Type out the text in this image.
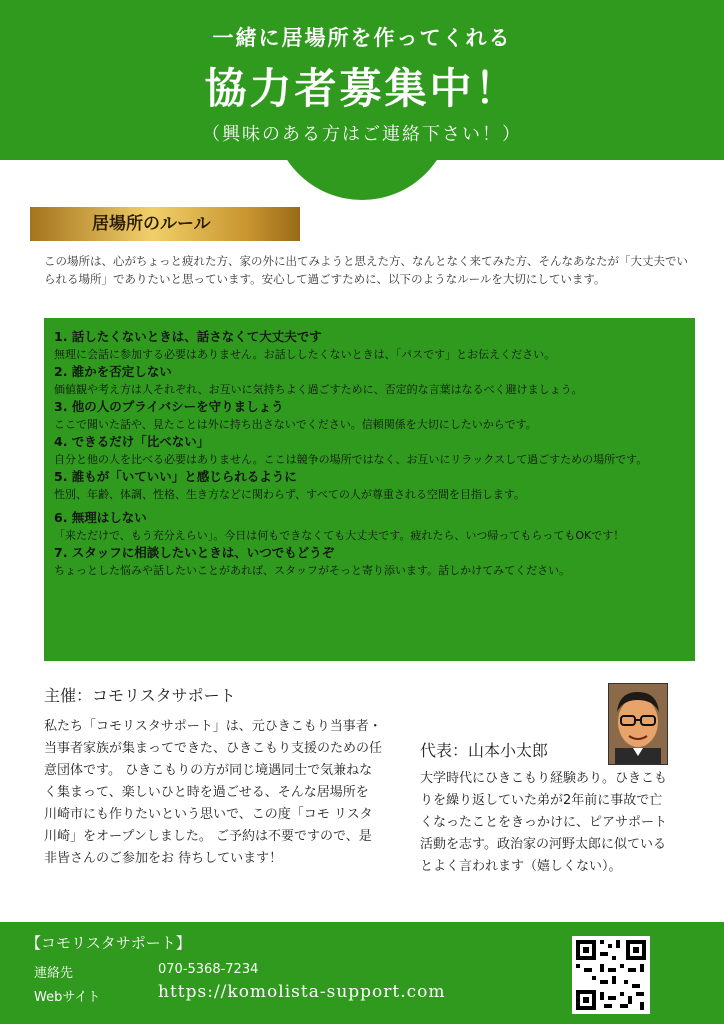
一緒に居場所を作ってくれる
協力者募集中！
（興味のある方はご連絡下さい！）
居場所のルール
この場所は、心がちょっと疲れた方、家の外に出てみようと思えた方、なんとなく来てみた方、そんなあなたが「大丈夫でいられる場所」でありたいと思っています。安心して過ごすために、以下のようなルールを大切にしています。
1. 話したくないときは、話さなくて大丈夫です
無理に会話に参加する必要はありません。お話ししたくないときは、「パスです」とお伝えください。
2. 誰かを否定しない
価値観や考え方は人それぞれ、お互いに気持ちよく過ごすために、否定的な言葉はなるべく避けましょう。
3. 他の人のプライバシーを守りましょう
ここで聞いた話や、見たことは外に持ち出さないでください。信頼関係を大切にしたいからです。
4. できるだけ「比べない」
自分と他の人を比べる必要はありません。ここは競争の場所ではなく、お互いにリラックスして過ごすための場所です。
5. 誰もが「いていい」と感じられるように
性別、年齢、体調、性格、生き方などに関わらず、すべての人が尊重される空間を目指します。
6. 無理はしない
「来ただけで、もう充分えらい」。今日は何もできなくても大丈夫です。疲れたら、いつ帰ってもらってもOKです！
7. スタッフに相談したいときは、いつでもどうぞ
ちょっとした悩みや話したいことがあれば、スタッフがそっと寄り添います。話しかけてみてください。
主催：コモリスタサポート
私たち「コモリスタサポート」は、元ひきこもり当事者・当事者家族が集まってできた、ひきこもり支援のための任意団体です。 ひきこもりの方が同じ境遇同士で気兼ねなく集まって、楽しいひと時を過ごせる、そんな居場所を 川崎市にも作りたいという思いで、この度「コモ リスタ川崎」をオープンしました。 ご予約は不要ですので、是非皆さんのご参加をお 待ちしています！
代表：山本小太郎
大学時代にひきこもり経験あり。ひきこもりを繰り返していた弟が2年前に事故で亡くなったことをきっかけに、ピアサポート活動を志す。政治家の河野太郎に似ているとよく言われます（嬉しくない）。
【コモリスタサポート】
連絡先	070-5368-7234
Webサイト	https://komolista-support.com
